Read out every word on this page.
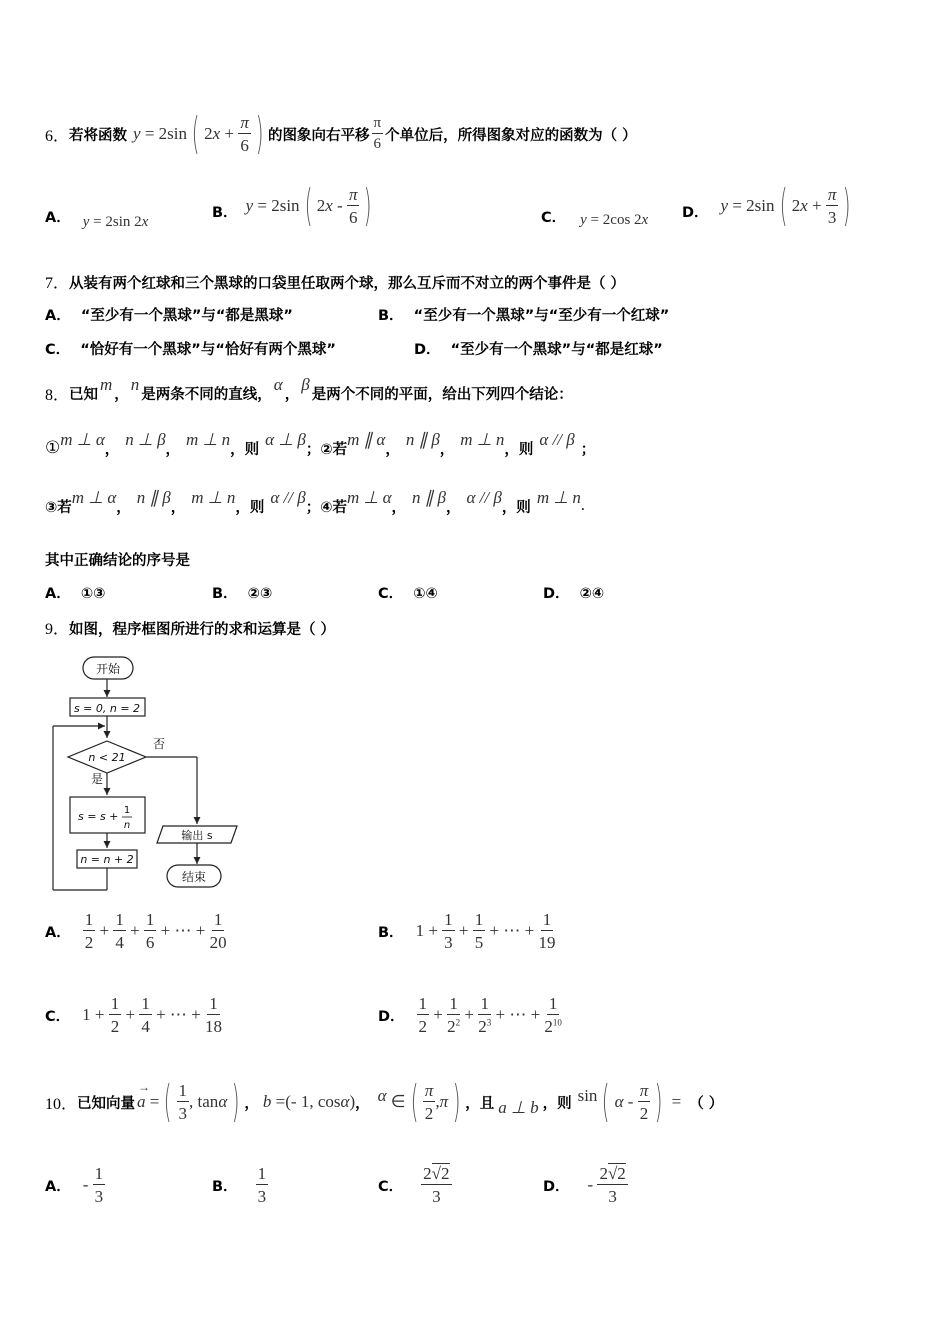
6． 若将函数 y = 2sin ( 2 $x + \frac{\pi}{6}$ ) 的图象向右平移 $\frac{\pi}{6}$ 个单位后，所得图象对应的函数为（ ）
A． y = 2sin 2 x
B． y = 2sin ( 2 x - $\frac{\pi}{6}$ )	C． y = 2cos 2 x D． y = 2sin ( 2 $x + \frac{\pi}{3}$ )
7．从装有两个红球和三个黑球的口袋里任取两个球，那么互斥而不对立的两个事件是（ ）
A． “至少有一个黑球”与“都是黑球”	B． “至少有一个黑球”与“至少有一个红球”
C． “恰好有一个黑球”与“恰好有两个黑球”	D． “至少有一个黑球”与“都是红球”
8． 已知
m
，
n
是两条不同的直线，
α
，
β
是两个不同的平面，给出下列四个结论：
① m ⊥ α
，
n ⊥ β
，
m ⊥ n
，则
α ⊥ β
； ②若
m ∥ α
，
n ∥ β
，
m ⊥ n
，则
α // β
；
③若
m ⊥ α
，
n ∥ β
，
m ⊥ n
，则
α // β
； ④若
m ⊥ α
，
n ∥ β
，
α // β
，则
m ⊥ n .
其中正确结论的序号是
A． ①③	B． ②③	C． ①④	D． ②④
9．如图，程序框图所进行的求和运算是（ ）
开始
s = 0, n = 2
n < 21
否
是
s = s + 1
n
n = n + 2
输出 s
结束
A． $\frac{1}{2} + \frac{1}{4} + \frac{1}{6}$ + ⋯ + $\frac{1}{20}$	B． $1 + \frac{1}{3} + \frac{1}{5}$ + ⋯ + $\frac{1}{19}$
C． $1 + \frac{1}{2} + \frac{1}{4}$ + ⋯ + $\frac{1}{18}$	D． $\frac{1}{2} + \frac{1}{2^2} + \frac{1}{2^3}$ + ⋯ + $\frac{1}{2^{10}}$
10． 已知向量 a
→
= ( $\frac{1}{3}$ , tan α ) ， b =(- 1, cos α ) ， α ∈ ( $\frac{\pi}{2}$ , π ) ，且 a ⊥ b ，则 sin ( α - $\frac{\pi}{2}$ ) = （ ）
A． - $\frac{1}{3}$	B． $\frac{1}{3}$	C． $\frac{2√2}{3}$	D． - $\frac{2√2}{3}$
